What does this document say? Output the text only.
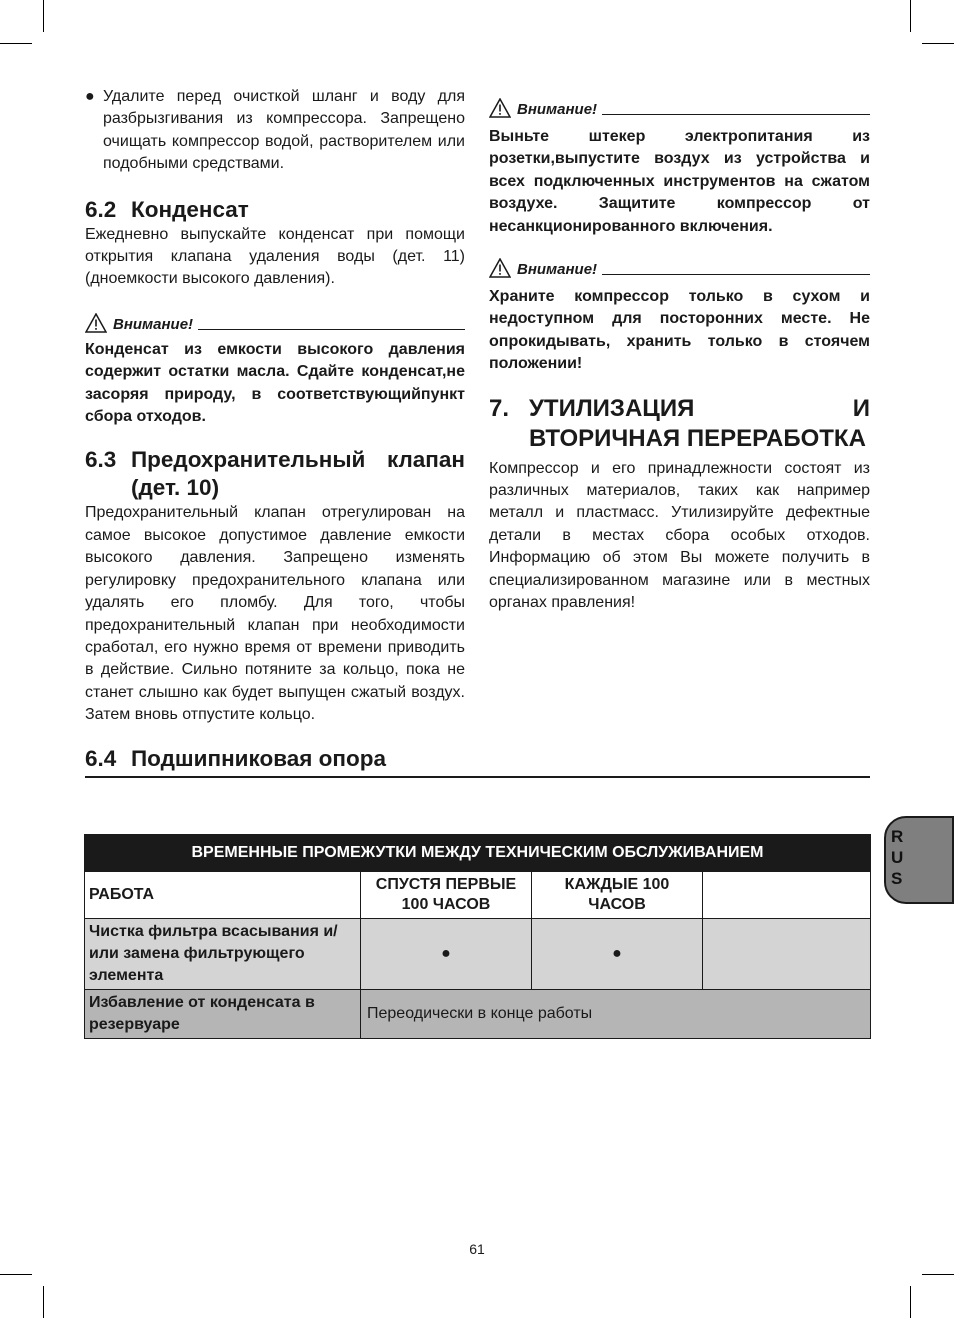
● Удалите перед очисткой шланг и воду для разбрызгивания из компрессора. Запрещено очищать компрессор водой, растворителем или подобными средствами.
6.2 Конденсат

Ежедневно выпускайте конденсат при помощи открытия клапана удаления воды (дет. 11) (дноемкости высокого давления).

Внимание!

Конденсат из емкости высокого давления содержит остатки масла. Сдайте конденсат,не засоряя природу, в соответствующийпункт сбора отходов.

6.3 Предохранительный клапан (дет. 10)

Предохранительный клапан отрегулирован на самое высокое допустимое давление емкости высокого давления. Запрещено изменять регулировку предохранительного клапана или удалять его пломбу. Для того, чтобы предохранительный клапан при необходимости сработал, его нужно время от времени приводить в действие. Сильно потяните за кольцо, пока не станет слышно как будет выпущен сжатый воздух. Затем вновь отпустите кольцо.

6.4 Подшипниковая опора
Внимание!

Выньте штекер электропитания из розетки,выпустите воздух из устройства и всех подключенных инструментов на сжатом воздухе. Защитите компрессор от несанкционированного включения.

Внимание!

Храните компрессор только в сухом и недоступном для посторонних месте. Не опрокидывать, хранить только в стоячем положении!

7. УТИЛИЗАЦИЯ И ВТОРИЧНАЯ ПЕРЕРАБОТКА

Компрессор и его принадлежности состоят из различных материалов, таких как например металл и пластмасс. Утилизируйте дефектные детали в местах сбора особых отходов. Информацию об этом Вы можете получить в специализированном магазине или в местных органах правления!

R
U
S
ВРЕМЕННЫЕ ПРОМЕЖУТКИ МЕЖДУ ТЕХНИЧЕСКИМ ОБСЛУЖИВАНИЕМ			
РАБОТА	СПУСТЯ ПЕРВЫЕ 100 ЧАСОВ	КАЖДЫЕ 100 ЧАСОВ	
Чистка фильтра всасывания и/или замена фильтрующего элемента	●	●	
Избавление от конденсата в резервуаре	Переодически в конце работы		
61
